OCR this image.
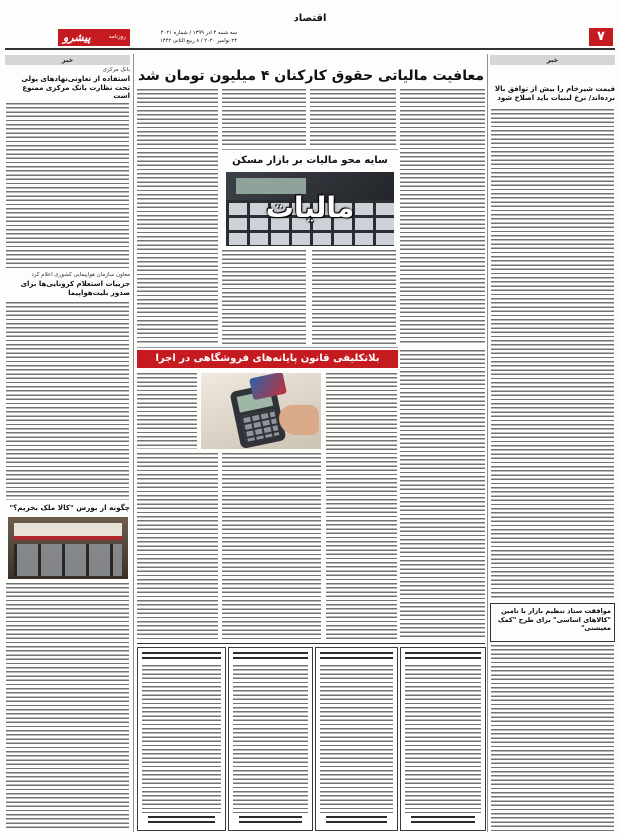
اقتصاد
۷
روزنامه
پیشرو	سه شنبه ۴ آذر ۱۳۹۹ / شماره ۴۰۲۱
۲۴ نوامبر ۲۰۲۰ / ۸ ربیع الثانی ۱۴۴۲
خبر	خبر
قیمت شیرخام را بیش از توافق بالا برده‌اند/ نرخ لبنیات باید اصلاح شود
موافقت ستاد تنظیم بازار با تامین "کالاهای اساسی" برای طرح "کمک معیشتی"
بانک مرکزی
استفاده از تعاونی‌نهادهای پولی تحت نظارت بانک مرکزی ممنوع است
معاون سازمان هواپیمایی کشوری اعلام کرد
جزییات استعلام کرونایی‌ها برای صدور بلیت‌هواپیما
چگونه از بورس "کالا ملک بخریم؟"
معافیت مالیاتی حقوق کارکنان ۴ میلیون تومان شد
سایه محو مالیات بر بازار مسکن
مالیات
بلاتکلیفی قانون پایانه‌های فروشگاهی در اجرا
